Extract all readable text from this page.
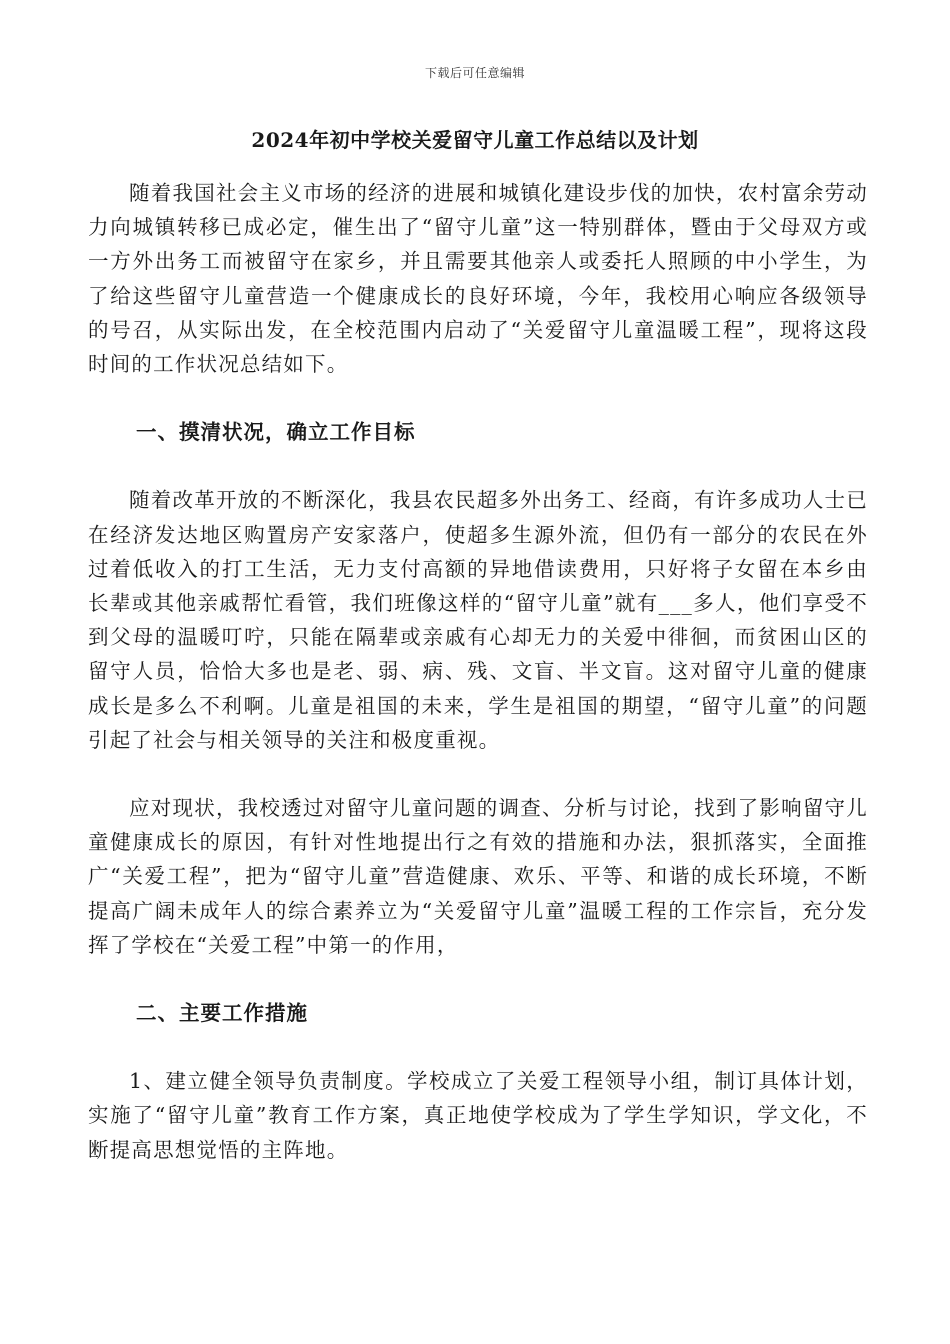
下载后可任意编辑
2024年初中学校关爱留守儿童工作总结以及计划

随着我国社会主义市场的经济的进展和城镇化建设步伐的加快，农村富余劳动力向城镇转移已成必定，催生出了“留守儿童”这一特别群体，暨由于父母双方或一方外出务工而被留守在家乡，并且需要其他亲人或委托人照顾的中小学生，为了给这些留守儿童营造一个健康成长的良好环境，今年，我校用心响应各级领导的号召，从实际出发，在全校范围内启动了“关爱留守儿童温暖工程”，现将这段时间的工作状况总结如下。

一、摸清状况，确立工作目标

随着改革开放的不断深化，我县农民超多外出务工、经商，有许多成功人士已在经济发达地区购置房产安家落户，使超多生源外流，但仍有一部分的农民在外过着低收入的打工生活，无力支付高额的异地借读费用，只好将子女留在本乡由长辈或其他亲戚帮忙看管，我们班像这样的“留守儿童”就有___多人，他们享受不到父母的温暖叮咛，只能在隔辈或亲戚有心却无力的关爱中徘徊，而贫困山区的留守人员，恰恰大多也是老、弱、病、残、文盲、半文盲。这对留守儿童的健康成长是多么不利啊。儿童是祖国的未来，学生是祖国的期望，“留守儿童”的问题引起了社会与相关领导的关注和极度重视。

应对现状，我校透过对留守儿童问题的调查、分析与讨论，找到了影响留守儿童健康成长的原因，有针对性地提出行之有效的措施和办法，狠抓落实，全面推广“关爱工程”，把为“留守儿童”营造健康、欢乐、平等、和谐的成长环境，不断提高广阔未成年人的综合素养立为“关爱留守儿童”温暖工程的工作宗旨，充分发挥了学校在“关爱工程”中第一的作用，

二、主要工作措施

1、建立健全领导负责制度。学校成立了关爱工程领导小组，制订具体计划，实施了“留守儿童”教育工作方案，真正地使学校成为了学生学知识，学文化，不断提高思想觉悟的主阵地。
